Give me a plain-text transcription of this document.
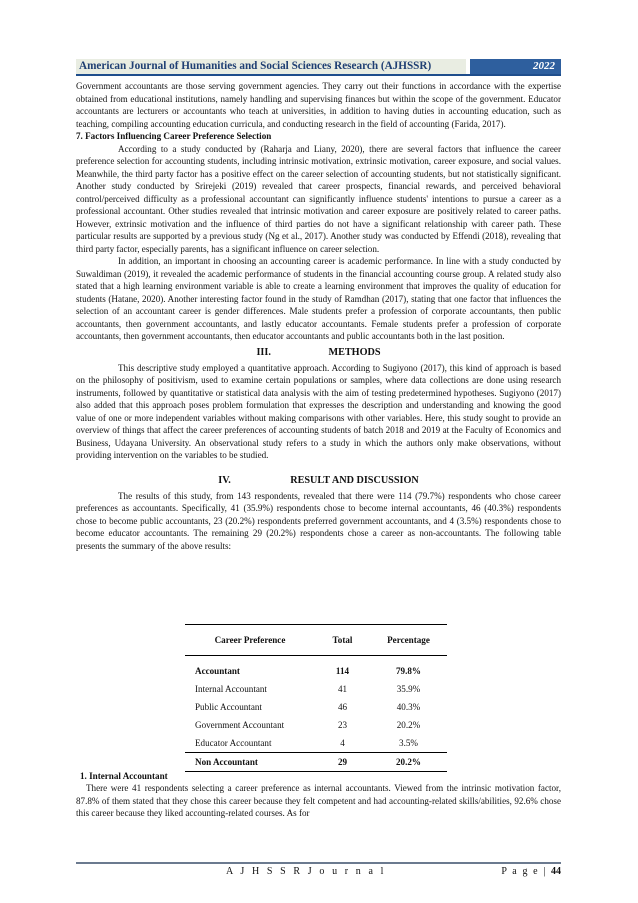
American Journal of Humanities and Social Sciences Research (AJHSSR)	2022

Government accountants are those serving government agencies. They carry out their functions in accordance with the expertise obtained from educational institutions, namely handling and supervising finances but within the scope of the government. Educator accountants are lecturers or accountants who teach at universities, in addition to having duties in accounting education, such as teaching, compiling accounting education curricula, and conducting research in the field of accounting (Farida, 2017).

7. Factors Influencing Career Preference Selection

According to a study conducted by (Raharja and Liany, 2020), there are several factors that influence the career preference selection for accounting students, including intrinsic motivation, extrinsic motivation, career exposure, and social values. Meanwhile, the third party factor has a positive effect on the career selection of accounting students, but not statistically significant. Another study conducted by Srirejeki (2019) revealed that career prospects, financial rewards, and perceived behavioral control/perceived difficulty as a professional accountant can significantly influence students' intentions to pursue a career as a professional accountant. Other studies revealed that intrinsic motivation and career exposure are positively related to career paths. However, extrinsic motivation and the influence of third parties do not have a significant relationship with career path. These particular results are supported by a previous study (Ng et al., 2017). Another study was conducted by Effendi (2018), revealing that third party factor, especially parents, has a significant influence on career selection.

In addition, an important in choosing an accounting career is academic performance. In line with a study conducted by Suwaldiman (2019), it revealed the academic performance of students in the financial accounting course group. A related study also stated that a high learning environment variable is able to create a learning environment that improves the quality of education for students (Hatane, 2020). Another interesting factor found in the study of Ramdhan (2017), stating that one factor that influences the selection of an accountant career is gender differences. Male students prefer a profession of corporate accountants, then public accountants, then government accountants, and lastly educator accountants. Female students prefer a profession of corporate accountants, then government accountants, then educator accountants and public accountants both in the last position.

III.	METHODS

This descriptive study employed a quantitative approach. According to Sugiyono (2017), this kind of approach is based on the philosophy of positivism, used to examine certain populations or samples, where data collections are done using research instruments, followed by quantitative or statistical data analysis with the aim of testing predetermined hypotheses. Sugiyono (2017) also added that this approach poses problem formulation that expresses the description and understanding and knowing the good value of one or more independent variables without making comparisons with other variables. Here, this study sought to provide an overview of things that affect the career preferences of accounting students of batch 2018 and 2019 at the Faculty of Economics and Business, Udayana University. An observational study refers to a study in which the authors only make observations, without providing intervention on the variables to be studied.

IV.	RESULT AND DISCUSSION

The results of this study, from 143 respondents, revealed that there were 114 (79.7%) respondents who chose career preferences as accountants. Specifically, 41 (35.9%) respondents chose to become internal accountants, 46 (40.3%) respondents chose to become public accountants, 23 (20.2%) respondents preferred government accountants, and 4 (3.5%) respondents chose to become educator accountants. The remaining 29 (20.2%) respondents chose a career as non-accountants. The following table presents the summary of the above results:

Career Preference	Total	Percentage
Accountant	114	79.8%
Internal Accountant	41	35.9%
Public Accountant	46	40.3%
Government Accountant	23	20.2%
Educator Accountant	4	3.5%
Non Accountant	29	20.2%
1. Internal Accountant

There were 41 respondents selecting a career preference as internal accountants. Viewed from the intrinsic motivation factor, 87.8% of them stated that they chose this career because they felt competent and had accounting-related skills/abilities, 92.6% chose this career because they liked accounting-related courses. As for

A J H S S R J o u r n a l	P a g e | 44
